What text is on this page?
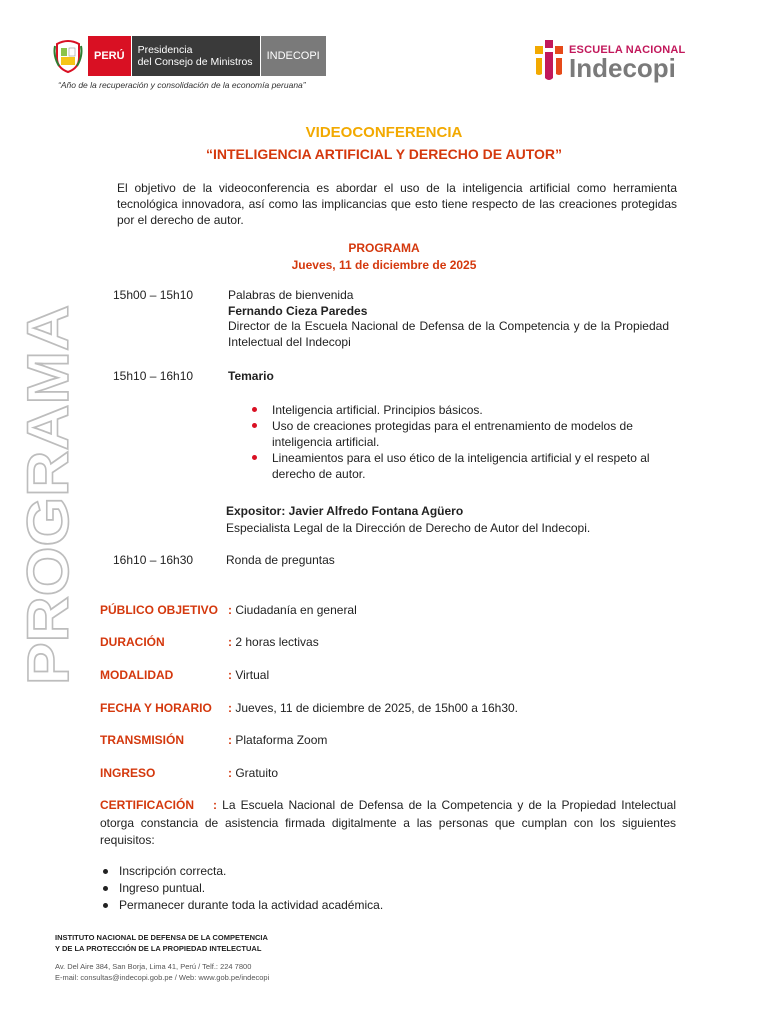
PERÚ	Presidencia
del Consejo de Ministros	INDECOPI
“Año de la recuperación y consolidación de la economía peruana”
ESCUELA NACIONAL
Indecopi
PROGRAMA
VIDEOCONFERENCIA
“INTELIGENCIA ARTIFICIAL Y DERECHO DE AUTOR”
El objetivo de la videoconferencia es abordar el uso de la inteligencia artificial como herramienta tecnológica innovadora, así como las implicancias que esto tiene respecto de las creaciones protegidas por el derecho de autor.
PROGRAMA
Jueves, 11 de diciembre de 2025
15h00 – 15h10	Palabras de bienvenida
Fernando Cieza Paredes
Director de la Escuela Nacional de Defensa de la Competencia y de la Propiedad Intelectual del Indecopi
15h10 – 16h10	Temario
Inteligencia artificial. Principios básicos.
Uso de creaciones protegidas para el entrenamiento de modelos de inteligencia artificial.
Lineamientos para el uso ético de la inteligencia artificial y el respeto al derecho de autor.
Expositor: Javier Alfredo Fontana Agüero
Especialista Legal de la Dirección de Derecho de Autor del Indecopi.
16h10 – 16h30	Ronda de preguntas
PÚBLICO OBJETIVO : Ciudadanía en general
DURACIÓN	: 2 horas lectivas
MODALIDAD	: Virtual
FECHA Y HORARIO : Jueves, 11 de diciembre de 2025, de 15h00 a 16h30.
TRANSMISIÓN	: Plataforma Zoom
INGRESO	: Gratuito
CERTIFICACIÓN : La Escuela Nacional de Defensa de la Competencia y de la Propiedad Intelectual otorga constancia de asistencia firmada digitalmente a las personas que cumplan con los siguientes requisitos:
Inscripción correcta.
Ingreso puntual.
Permanecer durante toda la actividad académica.
INSTITUTO NACIONAL DE DEFENSA DE LA COMPETENCIA
Y DE LA PROTECCIÓN DE LA PROPIEDAD INTELECTUAL
Av. Del Aire 384, San Borja, Lima 41, Perú / Telf.: 224 7800
E-mail: consultas@indecopi.gob.pe / Web: www.gob.pe/indecopi
